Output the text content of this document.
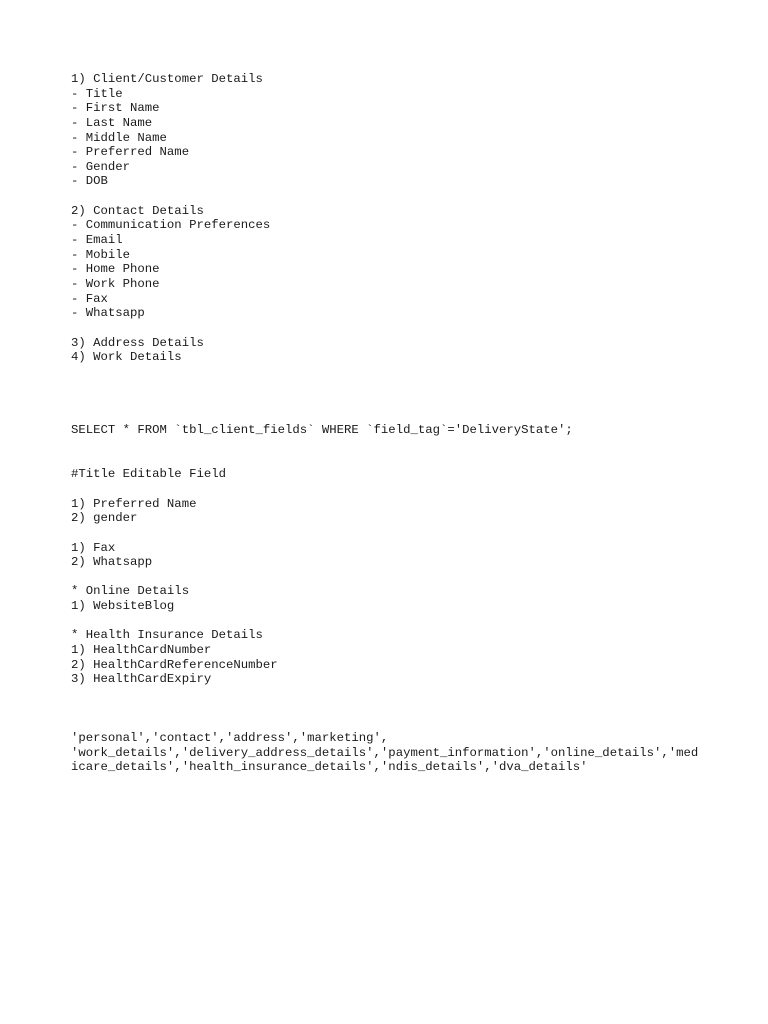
1) Client/Customer Details
- Title
- First Name
- Last Name
- Middle Name
- Preferred Name
- Gender
- DOB
2) Contact Details
- Communication Preferences
- Email
- Mobile
- Home Phone
- Work Phone
- Fax
- Whatsapp
3) Address Details
4) Work Details
SELECT * FROM `tbl_client_fields` WHERE `field_tag`='DeliveryState';
#Title Editable Field
1) Preferred Name
2) gender
1) Fax
2) Whatsapp
* Online Details
1) WebsiteBlog
* Health Insurance Details
1) HealthCardNumber
2) HealthCardReferenceNumber
3) HealthCardExpiry
'personal','contact','address','marketing',
'work_details','delivery_address_details','payment_information','online_details','medicare_details','health_insurance_details','ndis_details','dva_details'
